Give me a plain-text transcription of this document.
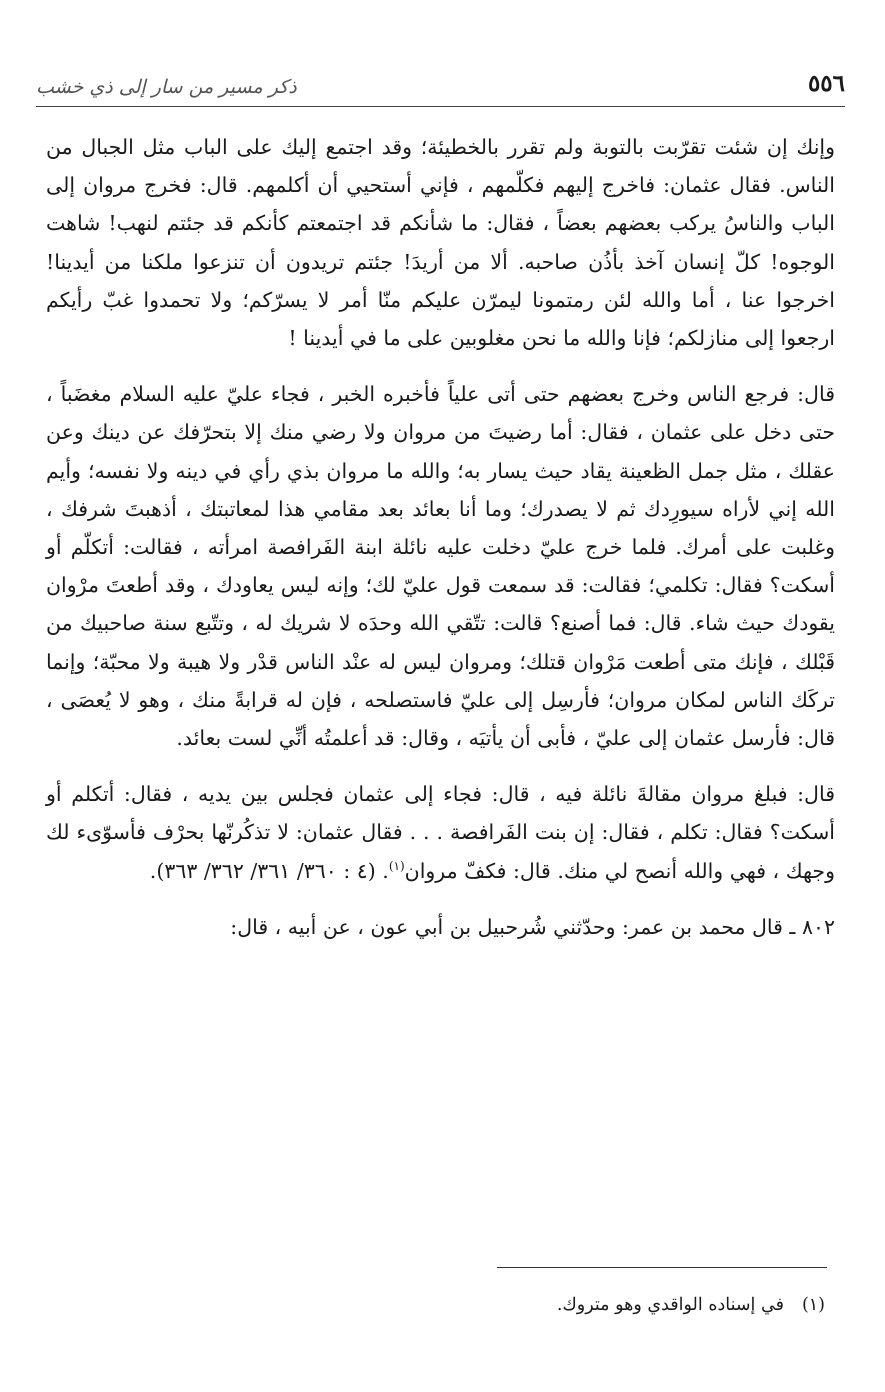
٥٥٦
ذكر مسير من سار إلى ذي خشب

وإنك إن شئت تقرّبت بالتوبة ولم تقرر بالخطيئة؛ وقد اجتمع إليك على الباب مثل الجبال من الناس. فقال عثمان: فاخرج إليهم فكلّمهم ، فإني أستحيي أن أكلمهم. قال: فخرج مروان إلى الباب والناسُ يركب بعضهم بعضاً ، فقال: ما شأنكم قد اجتمعتم كأنكم قد جئتم لنهب! شاهت الوجوه! كلّ إنسان آخذ بأذُن صاحبه. ألا من أريدَ! جئتم تريدون أن تنزعوا ملكنا من أيدينا! اخرجوا عنا ، أما والله لئن رمتمونا ليمرّن عليكم منّا أمر لا يسرّكم؛ ولا تحمدوا غبّ رأيكم ارجعوا إلى منازلكم؛ فإنا والله ما نحن مغلوبين على ما في أيدينا !

قال: فرجع الناس وخرج بعضهم حتى أتى علياً فأخبره الخبر ، فجاء عليّ عليه السلام مغضَباً ، حتى دخل على عثمان ، فقال: أما رضيتَ من مروان ولا رضي منك إلا بتحرّفك عن دينك وعن عقلك ، مثل جمل الظعينة يقاد حيث يسار به؛ والله ما مروان بذي رأي في دينه ولا نفسه؛ وأيم الله إني لأراه سيورِدك ثم لا يصدرك؛ وما أنا بعائد بعد مقامي هذا لمعاتبتك ، أذهبتَ شرفك ، وغلبت على أمرك. فلما خرج عليّ دخلت عليه نائلة ابنة الفَرافصة امرأته ، فقالت: أتكلّم أو أسكت؟ فقال: تكلمي؛ فقالت: قد سمعت قول عليّ لك؛ وإنه ليس يعاودك ، وقد أطعتَ مرْوان يقودك حيث شاء. قال: فما أصنع؟ قالت: تتّقي الله وحدَه لا شريك له ، وتتّبع سنة صاحبيك من قَبْلك ، فإنك متى أطعت مَرْوان قتلك؛ ومروان ليس له عنْد الناس قدْر ولا هيبة ولا محبّة؛ وإنما تركَك الناس لمكان مروان؛ فأرسِل إلى عليّ فاستصلحه ، فإن له قرابةً منك ، وهو لا يُعصَى ، قال: فأرسل عثمان إلى عليّ ، فأبى أن يأتيَه ، وقال: قد أعلمتُه أنِّي لست بعائد.

قال: فبلغ مروان مقالةَ نائلة فيه ، قال: فجاء إلى عثمان فجلس بين يديه ، فقال: أتكلم أو أسكت؟ فقال: تكلم ، فقال: إن بنت الفَرافصة . . . فقال عثمان: لا تذكُرنّها بحرْف فأسوّىء لك وجهك ، فهي والله أنصح لي منك. قال: فكفّ مروان$^{(١)}$. (٤ : ٣٦٠/ ٣٦١/ ٣٦٢/ ٣٦٣).

٨٠٢ ـ قال محمد بن عمر: وحدّثني شُرحبيل بن أبي عون ، عن أبيه ، قال:

(١)في إسناده الواقدي وهو متروك.
